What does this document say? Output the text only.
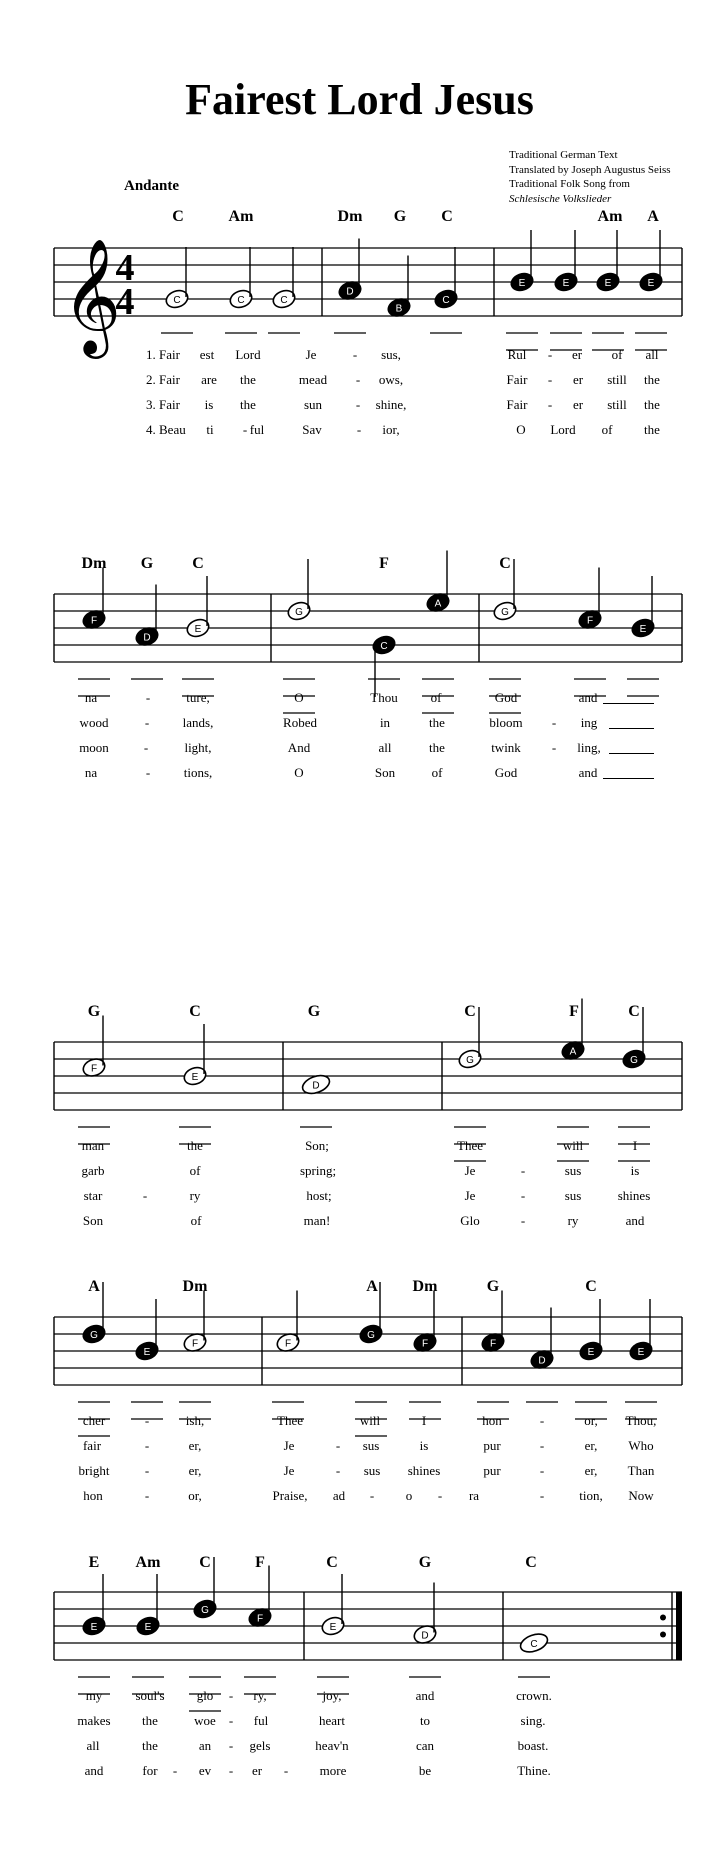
Fairest Lord Jesus
Traditional German Text
Translated by Joseph Augustus Seiss
Traditional Folk Song from
Schlesische Volkslieder
Andante
𝄞
4
4	C	C	C
D
B
C
E	E	E	E
F
D
E
G
C
A
G
F
E
F
E
D
G
A
G
G
E
F	F
G
F	F
D
E	E
E	E
G
F
E
D
C
C	Am	Dm G C	Am A
1. Fair est Lord	Je	- sus,	Rul - er of all
2. Fair are the	mead - ows,	Fair - er still the
3. Fair is the	sun	- shine,	Fair - er still the
4. Beau ti - ful	Sav	- ior,	O Lord of the
Dm G C	F	C
na	-	ture,	O	Thou	of	God	and
wood	-	lands,	Robed	in	the	bloom - ing
moon	-	light,	And	all	the	twink - ling,
na	-	tions,	O	Son	of	God	and
G	C	G	C	F	C
man	the	Son;	Thee	will	I
garb	of	spring;	Je	-	sus	is
star	-	ry	host;	Je	-	sus	shines
Son	of	man!	Glo	-	ry	and
A	Dm	A Dm	G	C
cher	-	ish,	Thee	will	I	hon	-	or, Thou,
fair	-	er,	Je	- sus	is	pur	-	er, Who
bright	-	er,	Je	- sus shines	pur	-	er, Than
hon	-	or,	Praise, ad - o - ra	-	tion, Now
E Am C	F	C	G	C
my	soul's glo - ry,	joy,	and	crown.
makes the	woe - ful	heart	to	sing.
all	the	an - gels	heav'n	can	boast.
and	for - ev - er - more	be	Thine.
